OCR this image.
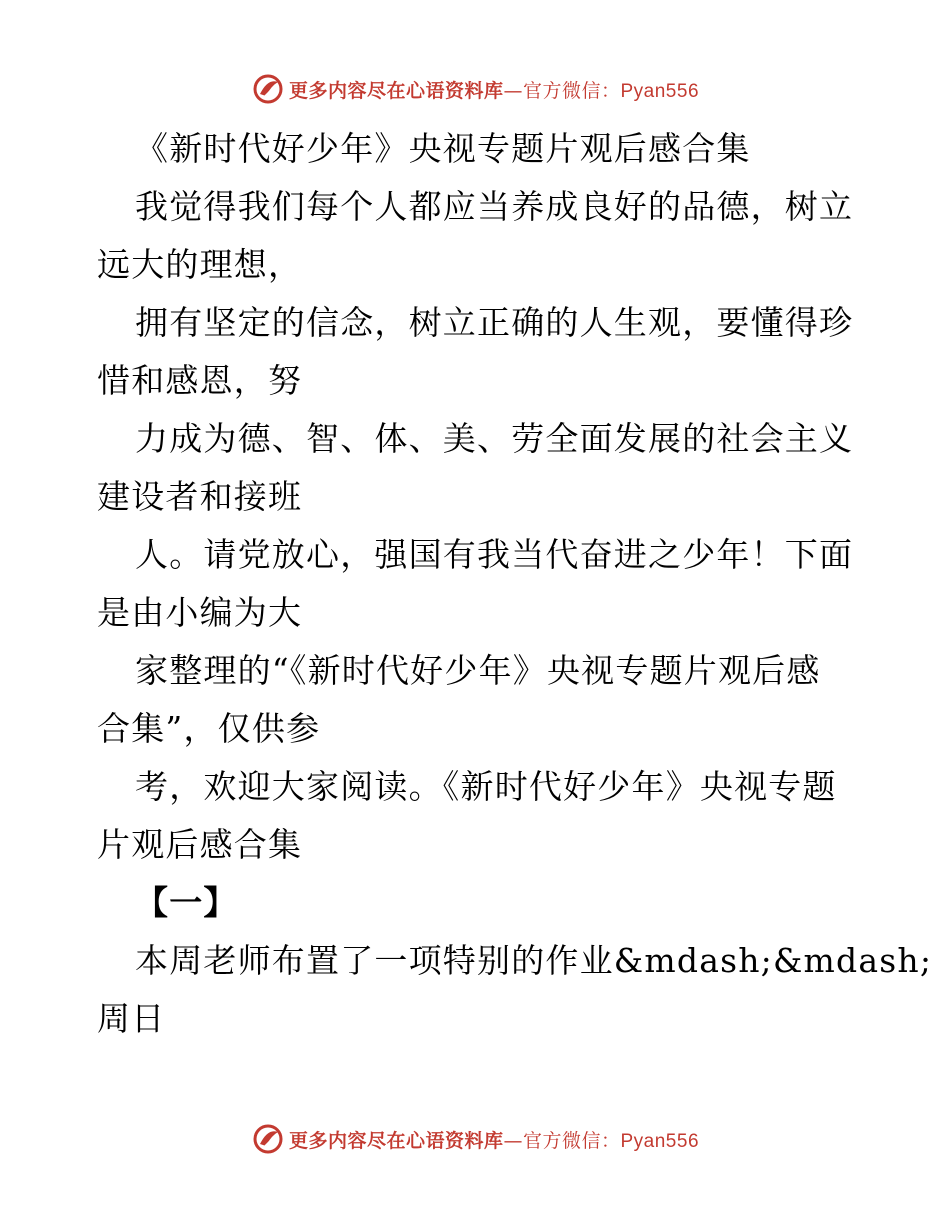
更多内容尽在心语资料库—官方微信：Pyan556
《新时代好少年》央视专题片观后感合集
我觉得我们每个人都应当养成良好的品德，树立
远大的理想，
拥有坚定的信念，树立正确的人生观，要懂得珍
惜和感恩，努
力成为德、智、体、美、劳全面发展的社会主义
建设者和接班
人。请党放心，强国有我当代奋进之少年！下面
是由小编为大
家整理的“《新时代好少年》央视专题片观后感
合集”，仅供参
考，欢迎大家阅读。《新时代好少年》央视专题
片观后感合集
【一】
本周老师布置了一项特别的作业&mdash;&mdash;
周日
更多内容尽在心语资料库—官方微信：Pyan556
